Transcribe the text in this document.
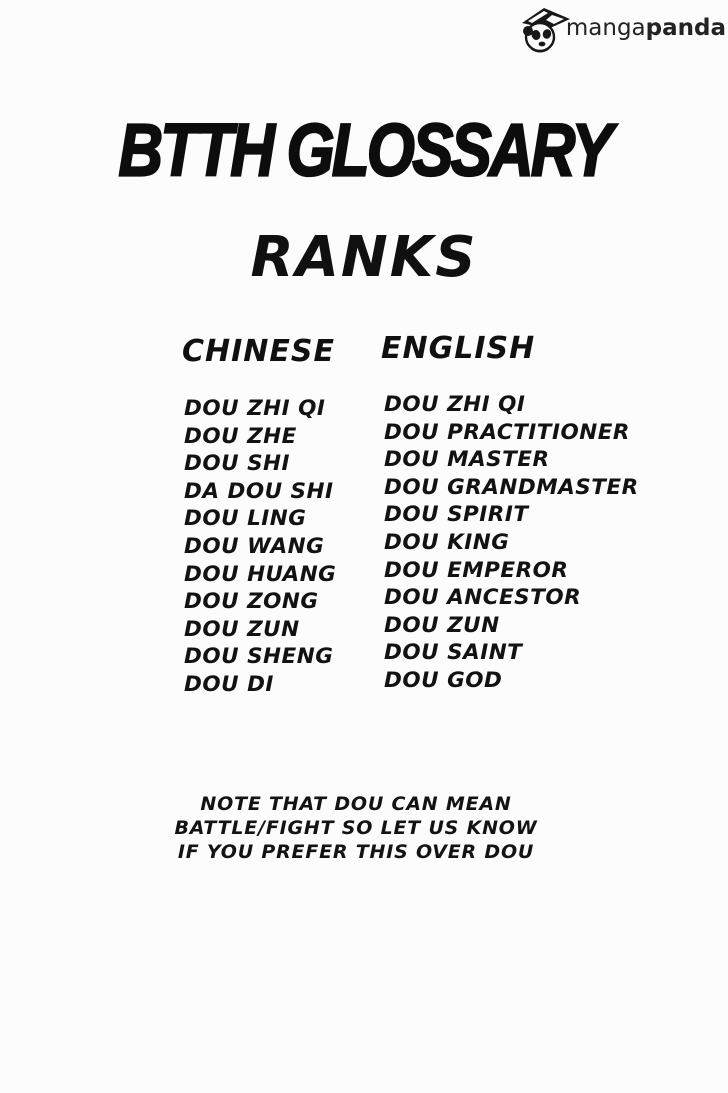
mangapanda
BTTH GLOSSARY
RANKS
CHINESE ENGLISH
DOU ZHI QI
DOU ZHE
DOU SHI
DA DOU SHI
DOU LING
DOU WANG
DOU HUANG
DOU ZONG
DOU ZUN
DOU SHENG
DOU DI
DOU ZHI QI
DOU PRACTITIONER
DOU MASTER
DOU GRANDMASTER
DOU SPIRIT
DOU KING
DOU EMPEROR
DOU ANCESTOR
DOU ZUN
DOU SAINT
DOU GOD
NOTE THAT DOU CAN MEAN
BATTLE/FIGHT SO LET US KNOW
IF YOU PREFER THIS OVER DOU
